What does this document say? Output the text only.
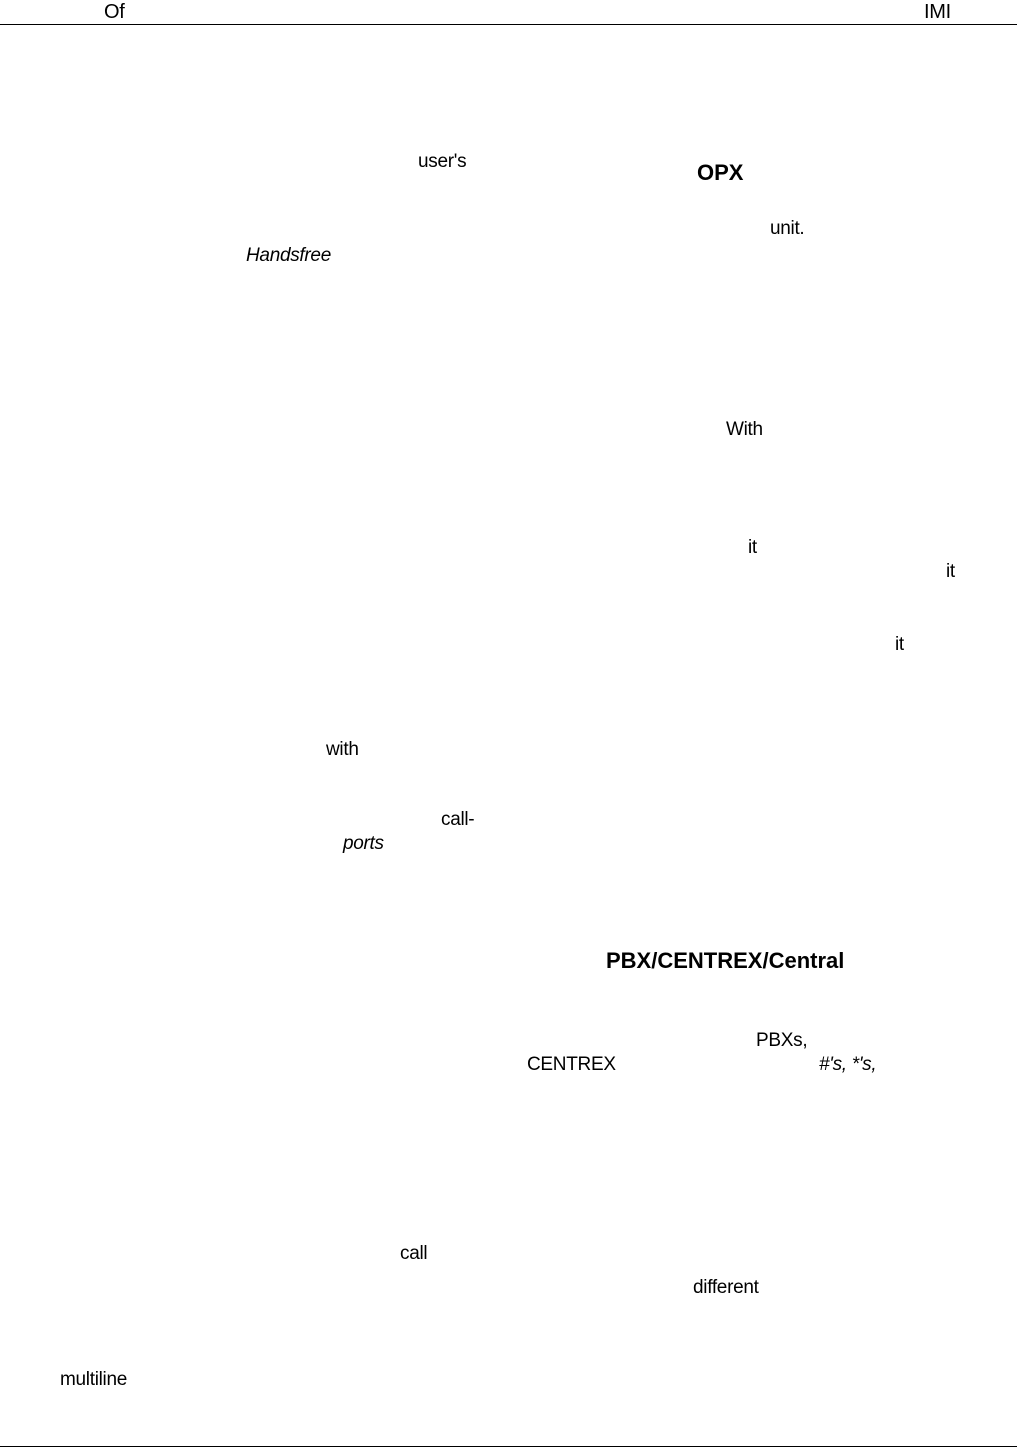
Of	IMI
user's	OPX
unit.
Handsfree
With
it
it
it
with
call-
ports
PBX/CENTREX/Central
PBXs,
CENTREX	#'s, *'s,
call
different
multiline
